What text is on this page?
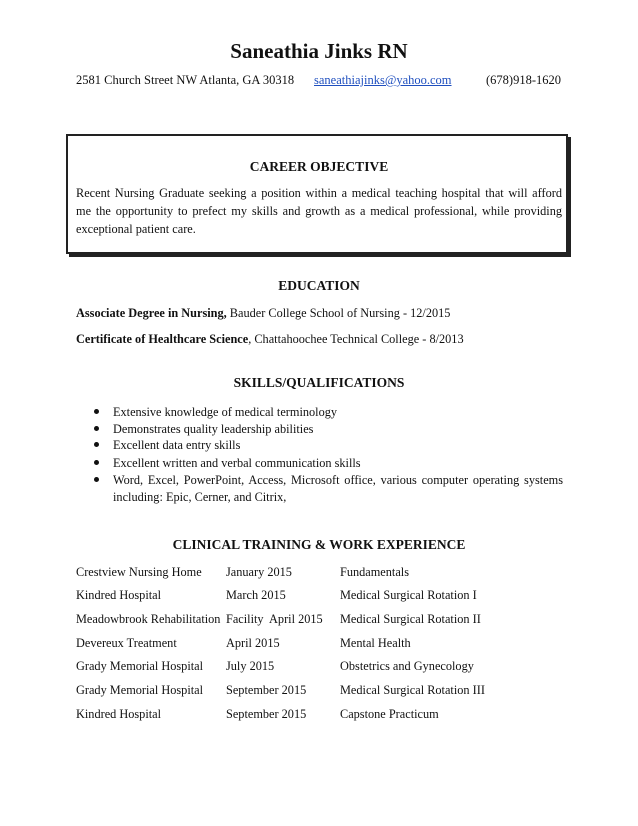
Saneathia Jinks RN
2581 Church Street NW Atlanta, GA 30318 saneathiajinks@yahoo.com	(678)918-1620
CAREER OBJECTIVE
Recent Nursing Graduate seeking a position within a medical teaching hospital that will afford
me the opportunity to prefect my skills and growth as a medical professional, while providing
exceptional patient care.
EDUCATION
Associate Degree in Nursing, Bauder College School of Nursing - 12/2015
Certificate of Healthcare Science, Chattahoochee Technical College - 8/2013
SKILLS/QUALIFICATIONS
Extensive knowledge of medical terminology
Demonstrates quality leadership abilities
Excellent data entry skills
Excellent written and verbal communication skills
Word, Excel, PowerPoint, Access, Microsoft office, various computer operating systems
including: Epic, Cerner, and Citrix,
CLINICAL TRAINING & WORK EXPERIENCE
Crestview Nursing Home January 2015	Fundamentals
Kindred Hospital	March 2015	Medical Surgical Rotation I
Meadowbrook Rehabilitation Facility  April 2015 Medical Surgical Rotation II
Devereux Treatment	April 2015	Mental Health
Grady Memorial Hospital July 2015	Obstetrics and Gynecology
Grady Memorial Hospital September 2015	Medical Surgical Rotation III
Kindred Hospital	September 2015	Capstone Practicum
